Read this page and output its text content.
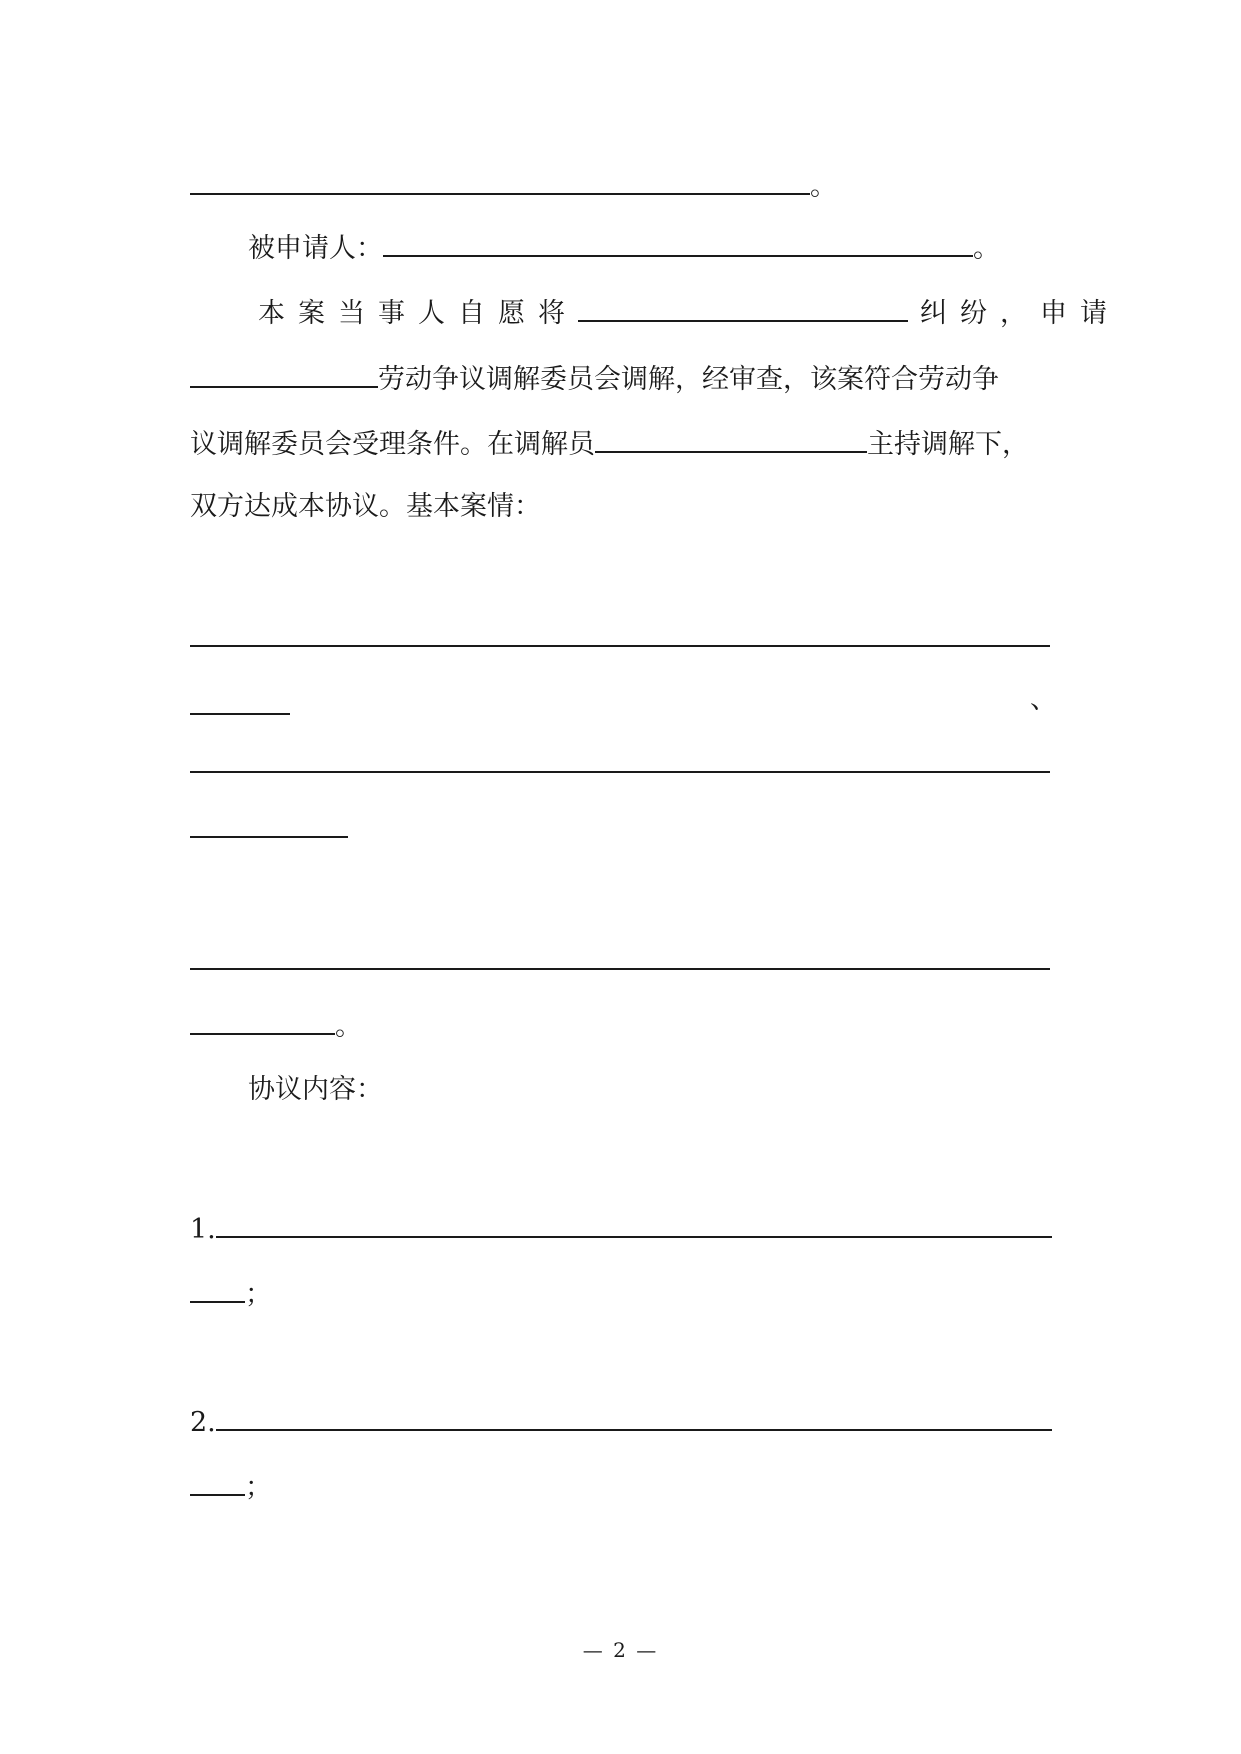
。
被申请人：	。
本案当事人自愿将	纠纷，申请
劳动争议调解委员会调解，经审查，该案符合劳动争
议调解委员会受理条件。在调解员	主持调解下，
双方达成本协议。基本案情：
、
。
协议内容：
1.
；
2.
；
— 2 —
